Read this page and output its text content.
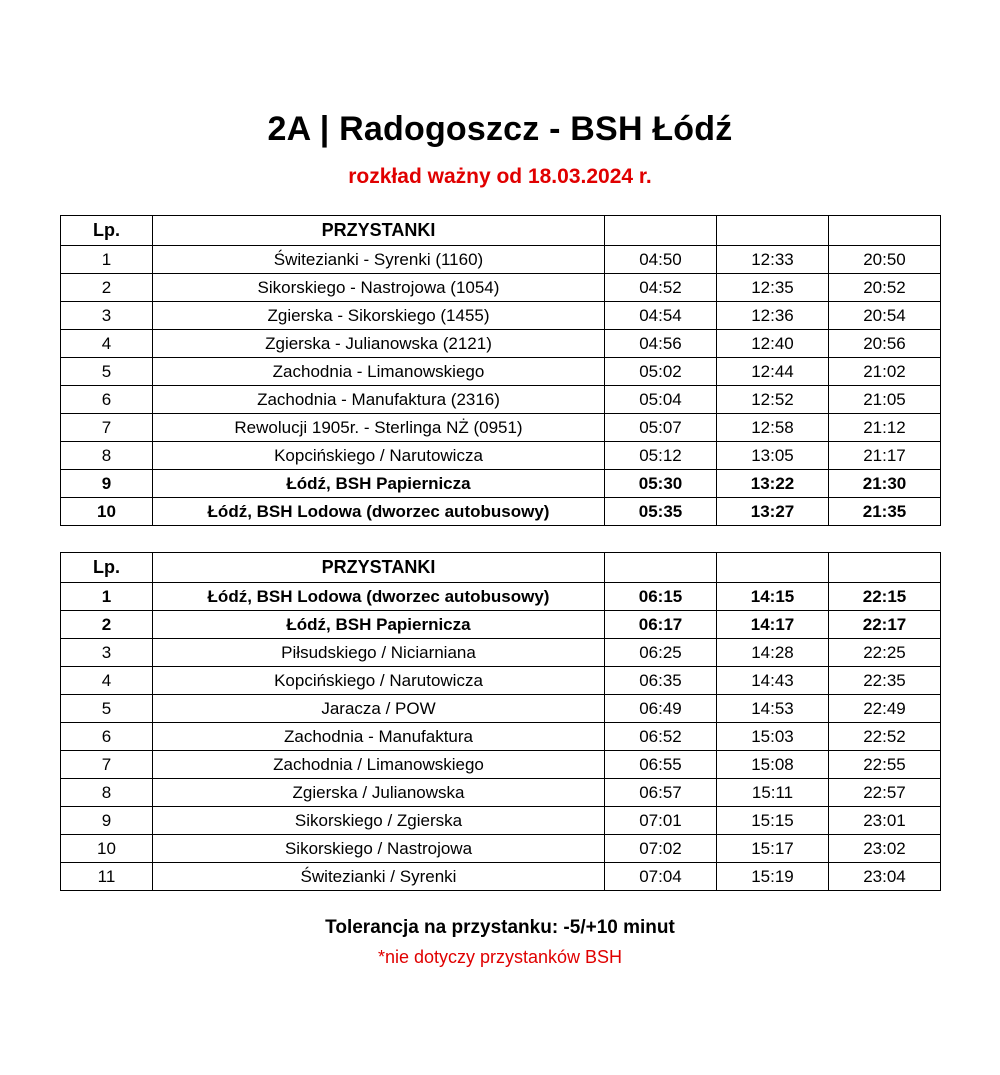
2A | Radogoszcz - BSH Łódź
rozkład ważny od 18.03.2024 r.
Lp.	PRZYSTANKI			
1	Świtezianki - Syrenki (1160)	04:50	12:33	20:50
2	Sikorskiego - Nastrojowa (1054)	04:52	12:35	20:52
3	Zgierska - Sikorskiego (1455)	04:54	12:36	20:54
4	Zgierska - Julianowska (2121)	04:56	12:40	20:56
5	Zachodnia - Limanowskiego	05:02	12:44	21:02
6	Zachodnia - Manufaktura (2316)	05:04	12:52	21:05
7	Rewolucji 1905r. - Sterlinga NŻ (0951)	05:07	12:58	21:12
8	Kopcińskiego / Narutowicza	05:12	13:05	21:17
9	Łódź, BSH Papiernicza	05:30	13:22	21:30
10	Łódź, BSH Lodowa (dworzec autobusowy)	05:35	13:27	21:35
Lp.	PRZYSTANKI			
1	Łódź, BSH Lodowa (dworzec autobusowy)	06:15	14:15	22:15
2	Łódź, BSH Papiernicza	06:17	14:17	22:17
3	Piłsudskiego / Niciarniana	06:25	14:28	22:25
4	Kopcińskiego / Narutowicza	06:35	14:43	22:35
5	Jaracza / POW	06:49	14:53	22:49
6	Zachodnia - Manufaktura	06:52	15:03	22:52
7	Zachodnia / Limanowskiego	06:55	15:08	22:55
8	Zgierska / Julianowska	06:57	15:11	22:57
9	Sikorskiego / Zgierska	07:01	15:15	23:01
10	Sikorskiego / Nastrojowa	07:02	15:17	23:02
11	Świtezianki / Syrenki	07:04	15:19	23:04
Tolerancja na przystanku: -5/+10 minut
*nie dotyczy przystanków BSH
